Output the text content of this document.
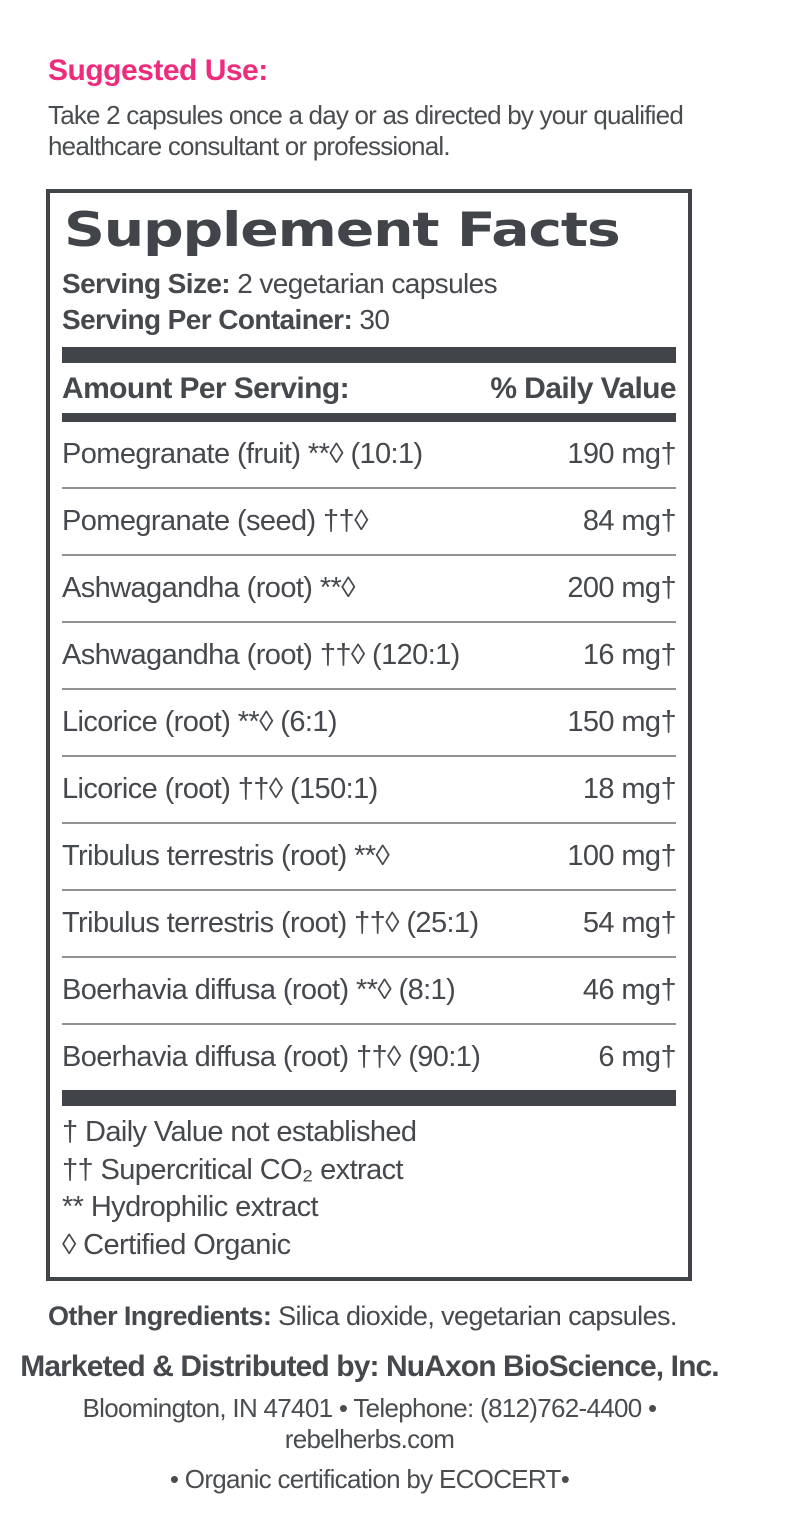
Suggested Use:

Take 2 capsules once a day or as directed by your qualified healthcare consultant or professional.

Supplement Facts
Serving Size: 2 vegetarian capsules
Serving Per Container: 30
Amount Per Serving:	% Daily Value
Pomegranate (fruit) **◊ (10:1)	190 mg†
Pomegranate (seed) ††◊	84 mg†
Ashwagandha (root) **◊	200 mg†
Ashwagandha (root) ††◊ (120:1)	16 mg†
Licorice (root) **◊ (6:1)	150 mg†
Licorice (root) ††◊ (150:1)	18 mg†
Tribulus terrestris (root) **◊	100 mg†
Tribulus terrestris (root) ††◊ (25:1)	54 mg†
Boerhavia diffusa (root) **◊ (8:1)	46 mg†
Boerhavia diffusa (root) ††◊ (90:1)	6 mg†

† Daily Value not established

†† Supercritical CO₂ extract

** Hydrophilic extract

◊ Certified Organic

Other Ingredients: Silica dioxide, vegetarian capsules.

Marketed & Distributed by: NuAxon BioScience, Inc.

Bloomington, IN 47401 • Telephone: (812)762-4400 • rebelherbs.com

• Organic certification by ECOCERT•
